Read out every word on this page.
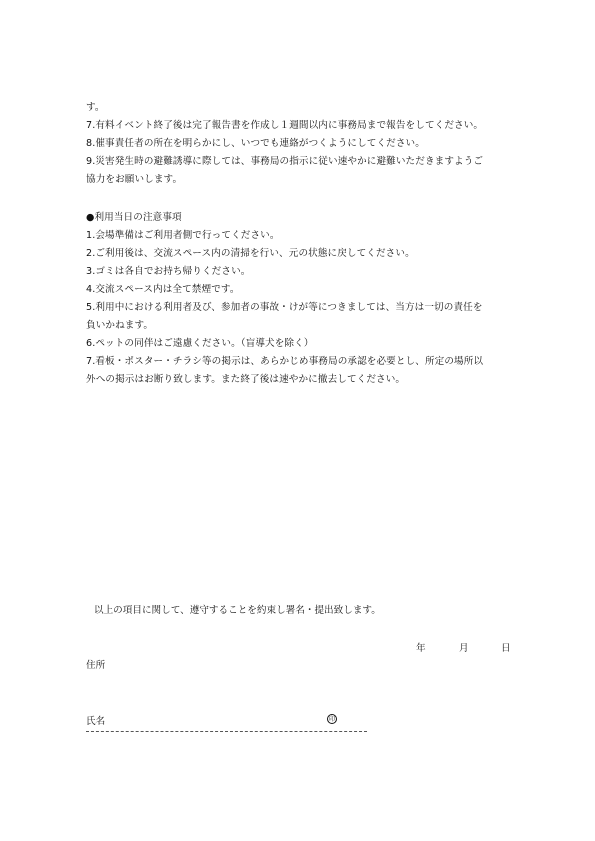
す。
7.有料イベント終了後は完了報告書を作成し１週間以内に事務局まで報告をしてください。
8.催事責任者の所在を明らかにし、いつでも連絡がつくようにしてください。
9.災害発生時の避難誘導に際しては、事務局の指示に従い速やかに避難いただきますようご
協力をお願いします。
●利用当日の注意事項
1.会場準備はご利用者側で行ってください。
2.ご利用後は、交流スペース内の清掃を行い、元の状態に戻してください。
3.ゴミは各自でお持ち帰りください。
4.交流スペース内は全て禁煙です。
5.利用中における利用者及び、参加者の事故・けが等につきましては、当方は一切の責任を
負いかねます。
6.ペットの同伴はご遠慮ください。（盲導犬を除く）
7.看板・ポスター・チラシ等の掲示は、あらかじめ事務局の承認を必要とし、所定の場所以
外への掲示はお断り致します。また終了後は速やかに撤去してください。
以上の項目に関して、遵守することを約束し署名・提出致します。
年	月	日
住所
氏名	印
